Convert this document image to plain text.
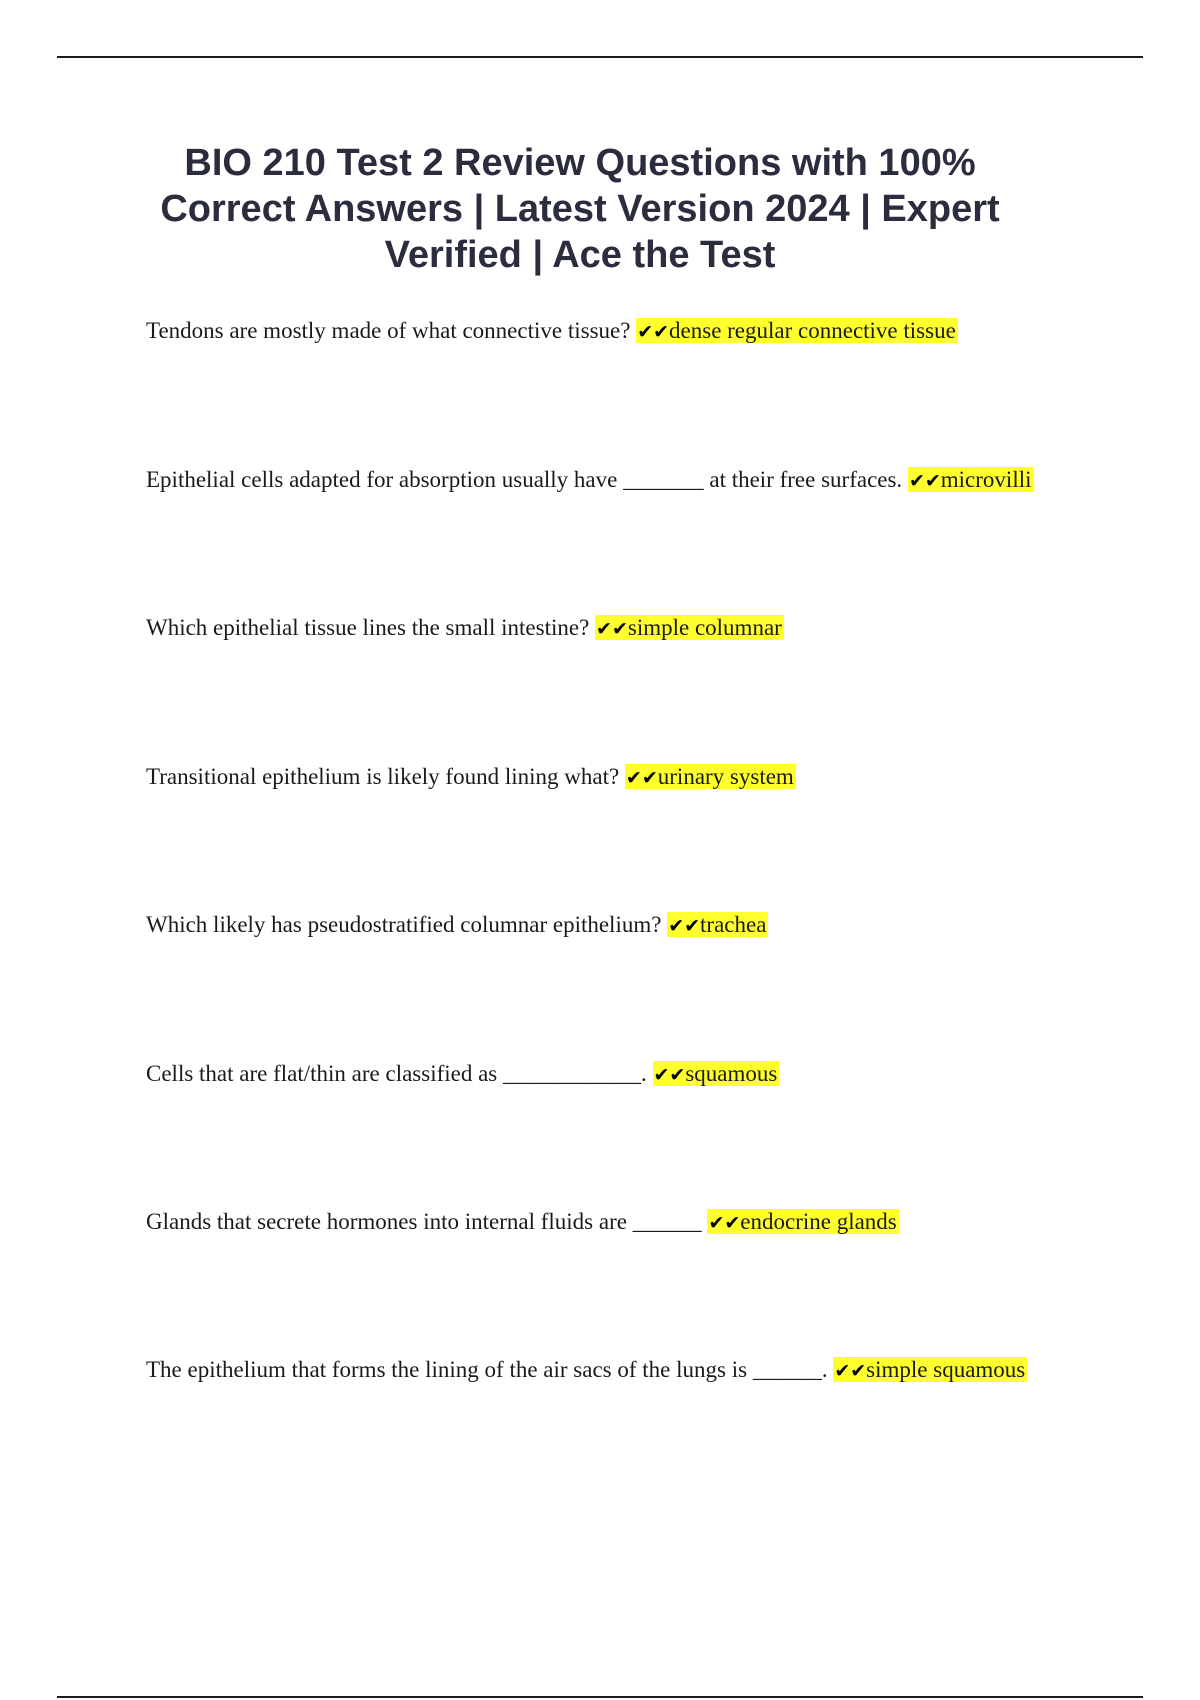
BIO 210 Test 2 Review Questions with 100% Correct Answers | Latest Version 2024 | Expert Verified | Ace the Test

Tendons are mostly made of what connective tissue? ✔✔dense regular connective tissue

Epithelial cells adapted for absorption usually have _______ at their free surfaces. ✔✔microvilli

Which epithelial tissue lines the small intestine? ✔✔simple columnar

Transitional epithelium is likely found lining what? ✔✔urinary system

Which likely has pseudostratified columnar epithelium? ✔✔trachea

Cells that are flat/thin are classified as ____________. ✔✔squamous

Glands that secrete hormones into internal fluids are ______ ✔✔endocrine glands

The epithelium that forms the lining of the air sacs of the lungs is ______. ✔✔simple squamous
